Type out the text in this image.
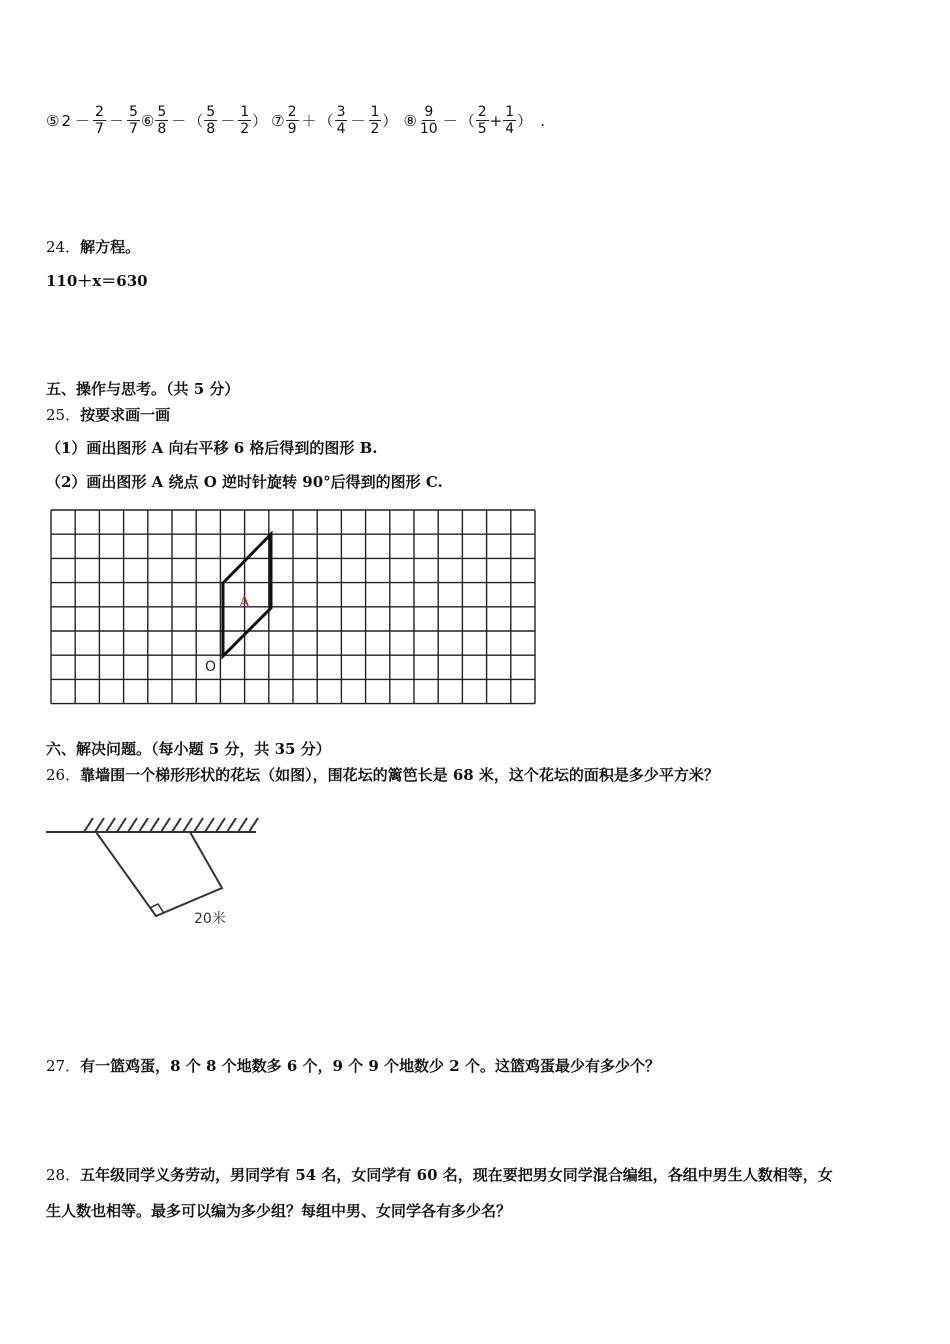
⑤ $2 - \frac{2}{7} - \frac{5}{7}$ ⑥ $\frac{5}{8}$ － （ $\frac{5}{8} - \frac{1}{2}$ ） ⑦ $\frac{2}{9}$ ＋ （ $\frac{3}{4} - \frac{1}{2}$ ） ⑧ $\frac{9}{10}$ － （ $\frac{2}{5} + \frac{1}{4}$ ） .
24．解方程。
110＋x＝630
五、操作与思考。（共 5 分）
25．按要求画一画
（1）画出图形 A 向右平移 6 格后得到的图形 B.
（2）画出图形 A 绕点 O 逆时针旋转 90°后得到的图形 C.
A
O
六、解决问题。（每小题 5 分，共 35 分）
26．靠墙围一个梯形形状的花坛（如图），围花坛的篱笆长是 68 米，这个花坛的面积是多少平方米？
20米
27．有一篮鸡蛋，8 个 8 个地数多 6 个，9 个 9 个地数少 2 个。这篮鸡蛋最少有多少个？
28．五年级同学义务劳动，男同学有 54 名，女同学有 60 名，现在要把男女同学混合编组，各组中男生人数相等，女
生人数也相等。最多可以编为多少组？每组中男、女同学各有多少名？
